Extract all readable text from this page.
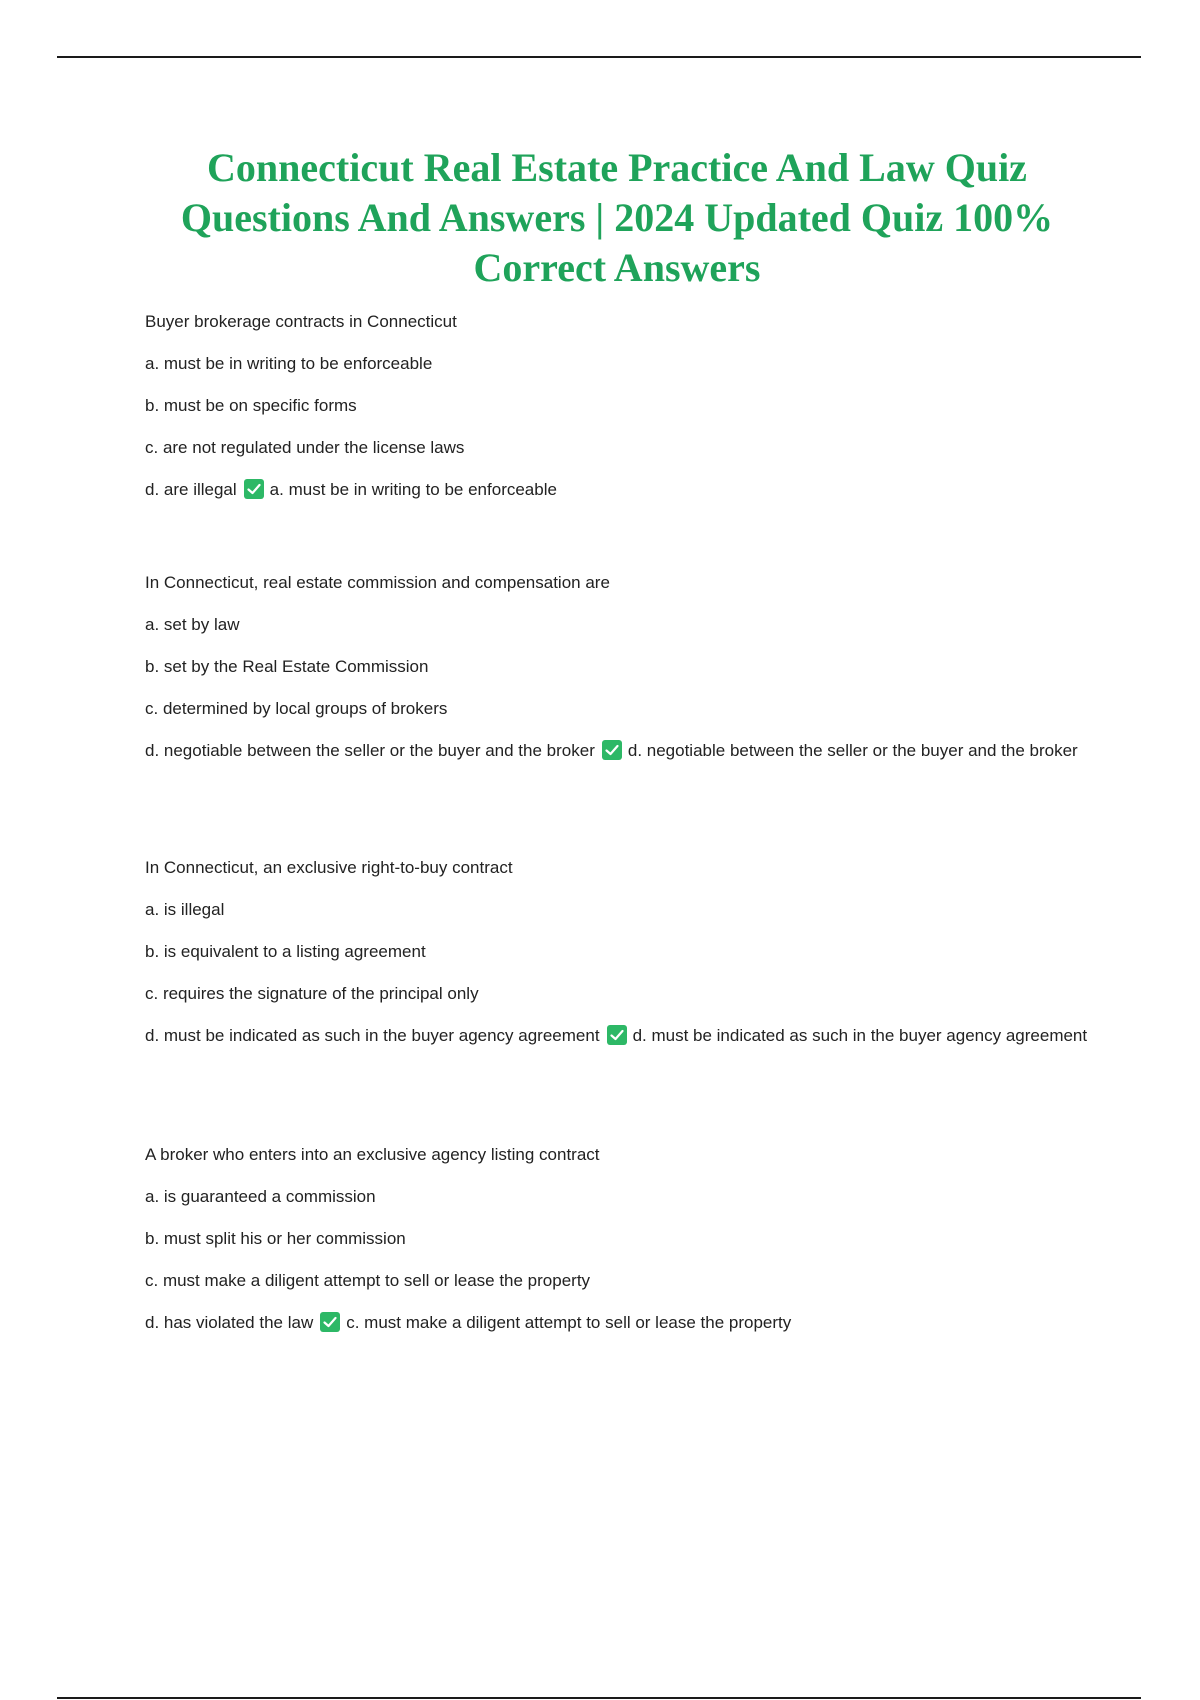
Connecticut Real Estate Practice And Law Quiz Questions And Answers | 2024 Updated Quiz 100% Correct Answers

Buyer brokerage contracts in Connecticut

a. must be in writing to be enforceable

b. must be on specific forms

c. are not regulated under the license laws

d. are illegal a. must be in writing to be enforceable

In Connecticut, real estate commission and compensation are

a. set by law

b. set by the Real Estate Commission

c. determined by local groups of brokers

d. negotiable between the seller or the buyer and the broker d. negotiable between the seller or the buyer and the broker

In Connecticut, an exclusive right-to-buy contract

a. is illegal

b. is equivalent to a listing agreement

c. requires the signature of the principal only

d. must be indicated as such in the buyer agency agreement d. must be indicated as such in the buyer agency agreement

A broker who enters into an exclusive agency listing contract

a. is guaranteed a commission

b. must split his or her commission

c. must make a diligent attempt to sell or lease the property

d. has violated the law c. must make a diligent attempt to sell or lease the property
